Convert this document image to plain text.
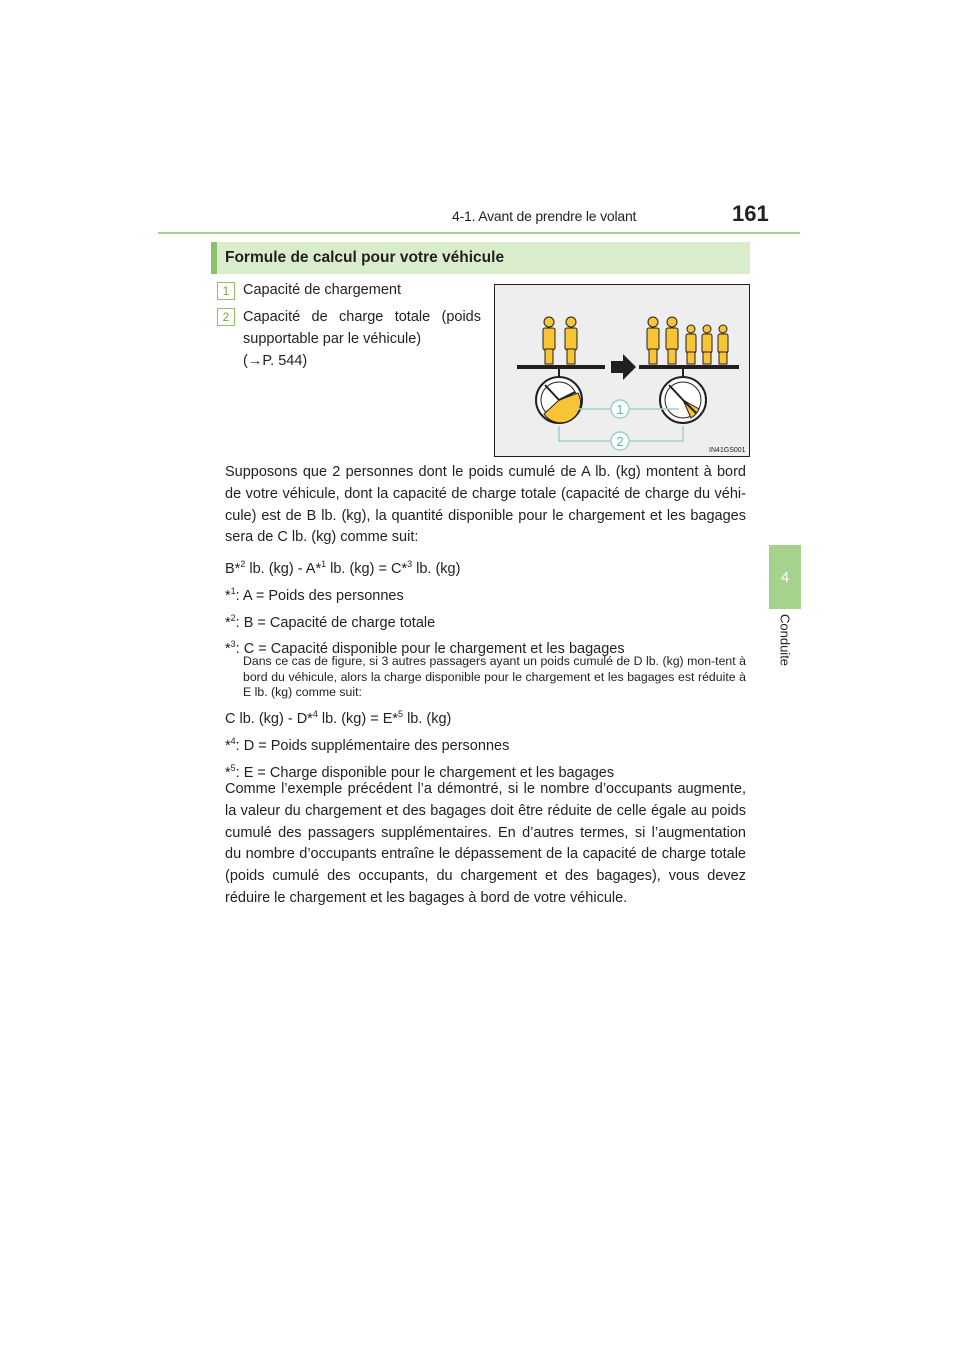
4-1. Avant de prendre le volant	161
4
Conduite
Formule de calcul pour votre véhicule
1 Capacité de chargement
2 Capacité de charge totale (poids
supportable par le véhicule)
(→P. 544)
1
2
IN41GS001
Supposons que 2 personnes dont le poids cumulé de A lb. (kg) montent à bord de votre véhicule, dont la capacité de charge totale (capacité de charge du véhi-cule) est de B lb. (kg), la quantité disponible pour le chargement et les bagages sera de C lb. (kg) comme suit:
B*$^2$ lb. (kg) - A*$^1$ lb. (kg) = C*$^3$ lb. (kg)
*$^1$: A = Poids des personnes
*$^2$: B = Capacité de charge totale
*$^3$: C = Capacité disponible pour le chargement et les bagages
Dans ce cas de figure, si 3 autres passagers ayant un poids cumulé de D lb. (kg) mon-tent à bord du véhicule, alors la charge disponible pour le chargement et les bagages est réduite à E lb. (kg) comme suit:
C lb. (kg) - D*$^4$ lb. (kg) = E*$^5$ lb. (kg)
*$^4$: D = Poids supplémentaire des personnes
*$^5$: E = Charge disponible pour le chargement et les bagages
Comme l’exemple précédent l’a démontré, si le nombre d’occupants augmente, la valeur du chargement et des bagages doit être réduite de celle égale au poids cumulé des passagers supplémentaires. En d’autres termes, si l’augmentation du nombre d’occupants entraîne le dépassement de la capacité de charge totale (poids cumulé des occupants, du chargement et des bagages), vous devez réduire le chargement et les bagages à bord de votre véhicule.
